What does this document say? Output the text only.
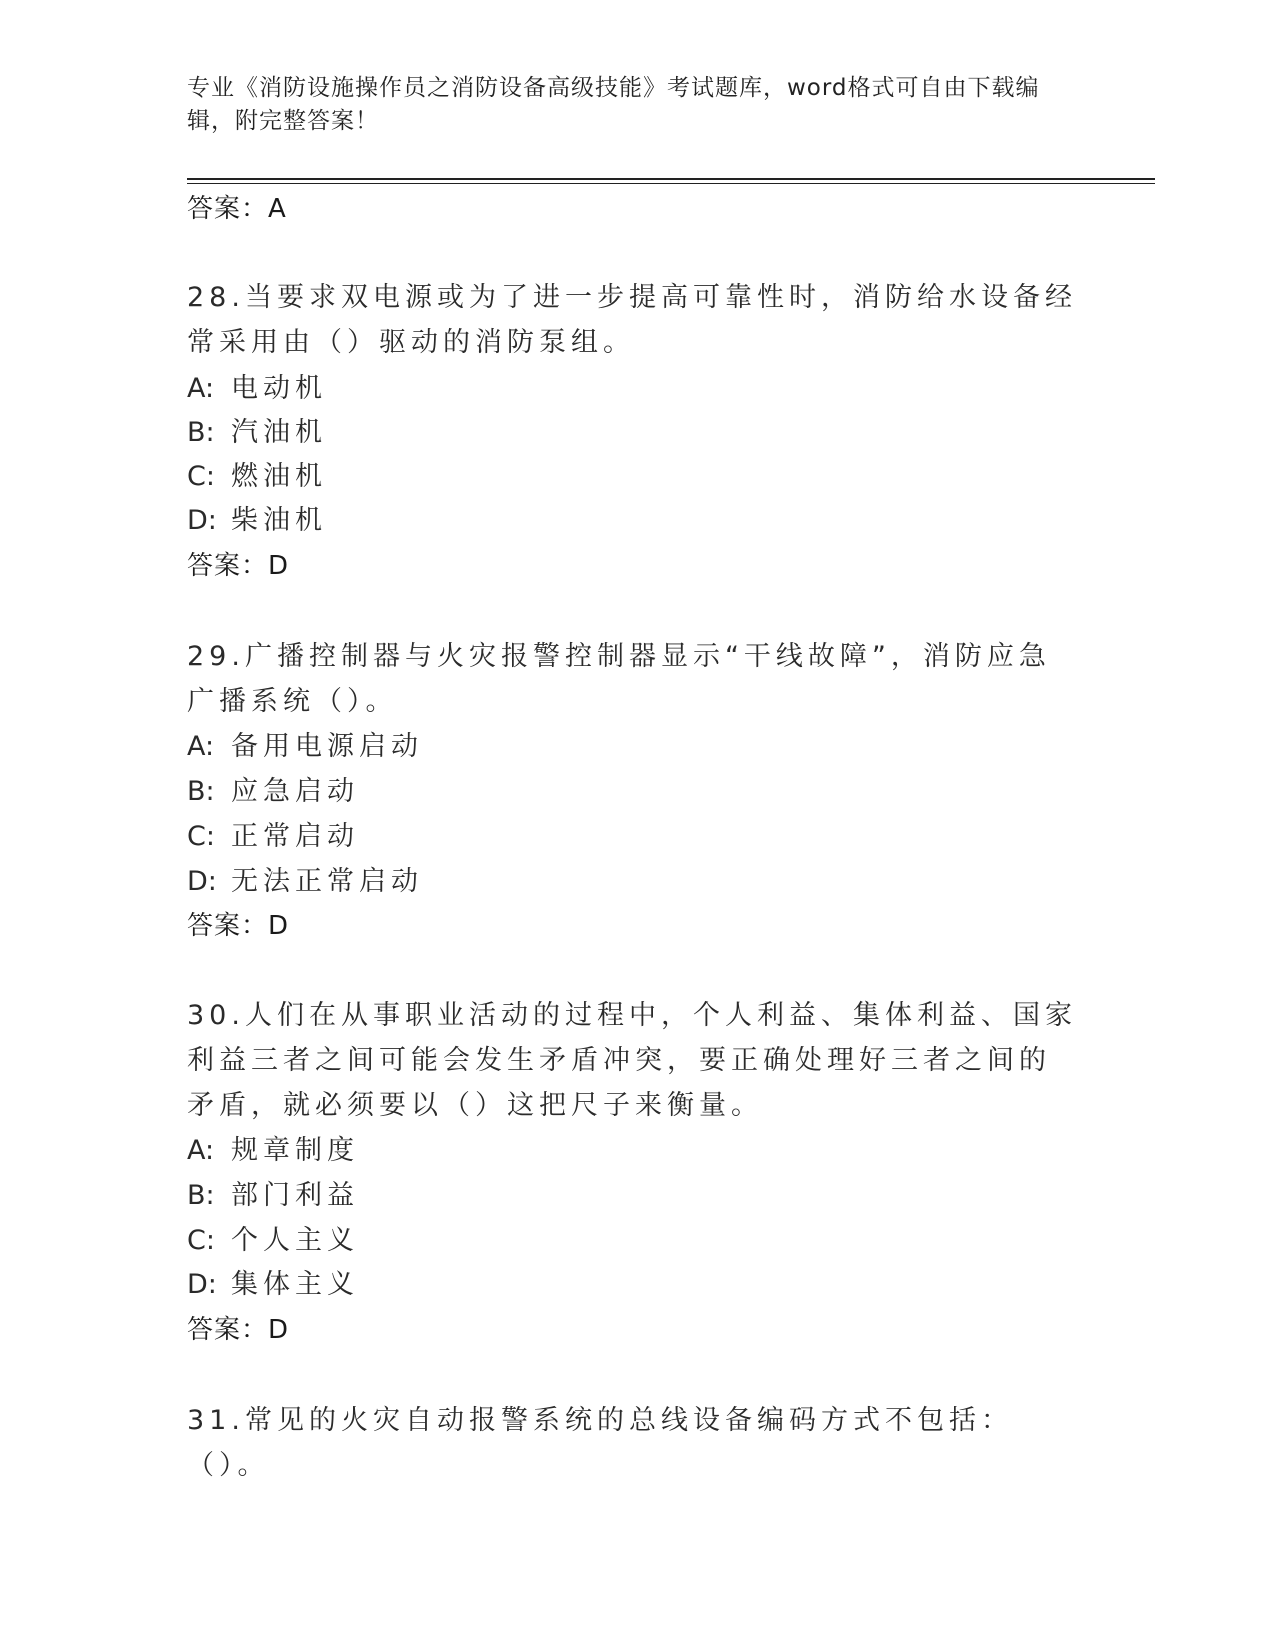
专业《消防设施操作员之消防设备高级技能》考试题库，word格式可自由下载编辑，附完整答案！
答案：A
28.当要求双电源或为了进一步提高可靠性时，消防给水设备经常采用由（）驱动的消防泵组。
A: 电动机
B: 汽油机
C: 燃油机
D: 柴油机
答案：D
29.广播控制器与火灾报警控制器显示“干线故障”，消防应急广播系统（）。
A: 备用电源启动
B: 应急启动
C: 正常启动
D: 无法正常启动
答案：D
30.人们在从事职业活动的过程中，个人利益、集体利益、国家利益三者之间可能会发生矛盾冲突，要正确处理好三者之间的矛盾，就必须要以（）这把尺子来衡量。
A: 规章制度
B: 部门利益
C: 个人主义
D: 集体主义
答案：D
31.常见的火灾自动报警系统的总线设备编码方式不包括：（）。
